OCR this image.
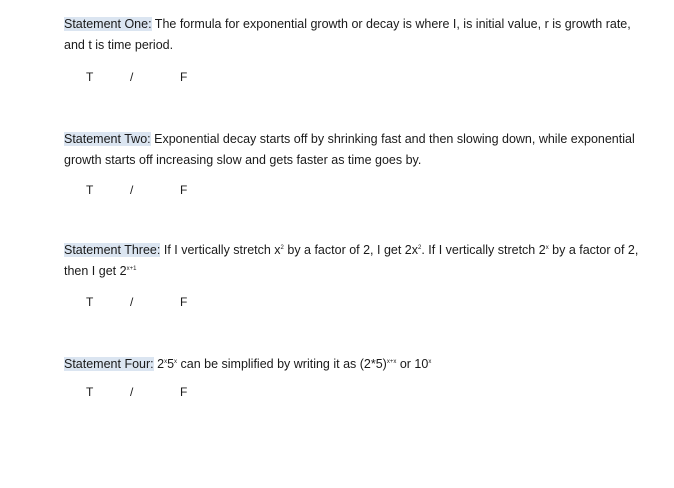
Statement One: The formula for exponential growth or decay is where I, is initial value, r is growth rate, and t is time period.
T	/	F
Statement Two: Exponential decay starts off by shrinking fast and then slowing down, while exponential growth starts off increasing slow and gets faster as time goes by.
T	/	F
Statement Three: If I vertically stretch $x^2$ by a factor of 2, I get $2x^2$. If I vertically stretch 2$^x$ by a factor of 2, then I get $2^{x+1}$
T	/	F
Statement Four: 2$^x$5$^x$ can be simplified by writing it as $(2*5)^{x+x}$ or 10$^x$
T	/	F
